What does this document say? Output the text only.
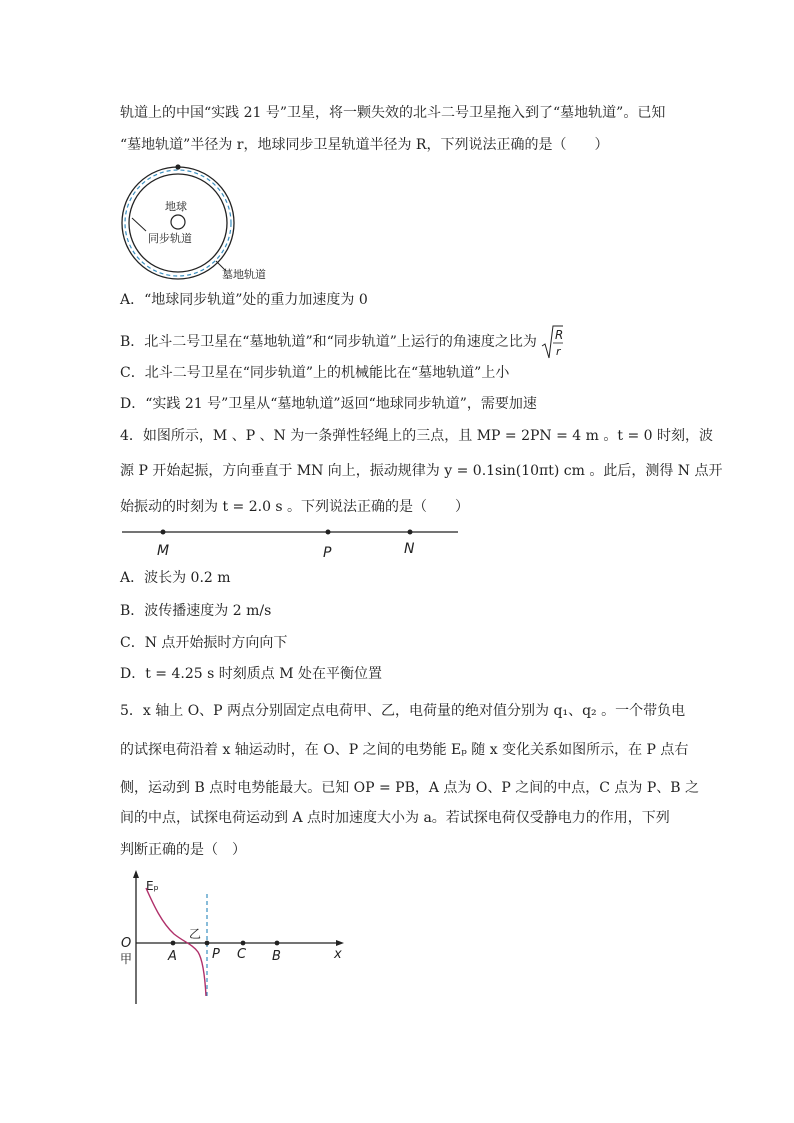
轨道上的中国“实践 21 号”卫星，将一颗失效的北斗二号卫星拖入到了“墓地轨道”。已知
“墓地轨道”半径为 r，地球同步卫星轨道半径为 R，下列说法正确的是（　　）
地球
同步轨道
墓地轨道
A．“地球同步轨道”处的重力加速度为 0
B．北斗二号卫星在“墓地轨道”和“同步轨道”上运行的角速度之比为 R
r
C．北斗二号卫星在“同步轨道”上的机械能比在“墓地轨道”上小
D．“实践 21 号”卫星从“墓地轨道”返回“地球同步轨道”，需要加速
4．如图所示，M 、P 、N 为一条弹性轻绳上的三点，且 MP = 2PN = 4 m 。t = 0 时刻，波
源 P 开始起振，方向垂直于 MN 向上，振动规律为 y = 0.1sin(10πt) cm 。此后，测得 N 点开
始振动的时刻为 t = 2.0 s 。下列说法正确的是（　　）
M	P	N
A．波长为 0.2 m
B．波传播速度为 2 m/s
C．N 点开始振时方向向下
D．t = 4.25 s 时刻质点 M 处在平衡位置
5．x 轴上 O、P 两点分别固定点电荷甲、乙，电荷量的绝对值分别为 q₁、q₂ 。一个带负电
的试探电荷沿着 x 轴运动时，在 O、P 之间的电势能 Eₚ 随 x 变化关系如图所示，在 P 点右
侧，运动到 B 点时电势能最大。已知 OP = PB，A 点为 O、P 之间的中点，C 点为 P、B 之
间的中点，试探电荷运动到 A 点时加速度大小为 a。若试探电荷仅受静电力的作用，下列
判断正确的是（　）
Eₚ
x
O
甲
乙
A	P C B
